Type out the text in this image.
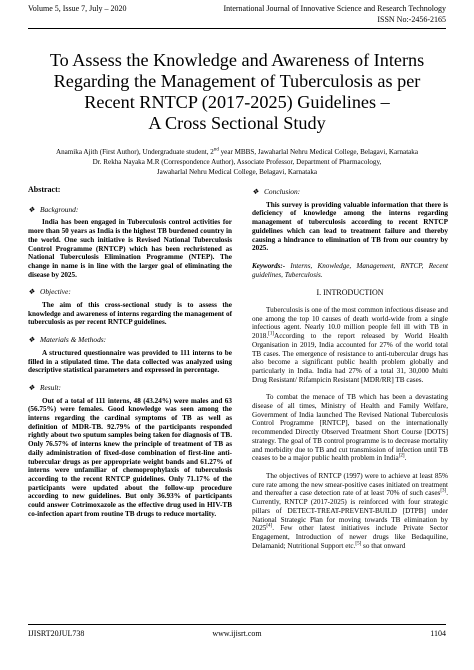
Volume 5, Issue 7, July – 2020	International Journal of Innovative Science and Research Technology
ISSN No:-2456-2165
To Assess the Knowledge and Awareness of Interns
Regarding the Management of Tuberculosis as per
Recent RNTCP (2017-2025) Guidelines –
A Cross Sectional Study
Anamika Ajith (First Author), Undergraduate student, 2nd year MBBS, Jawaharlal Nehru Medical College, Belagavi, Karnataka
Dr. Rekha Nayaka M.R (Correspondence Author), Associate Professor, Department of Pharmacology,
Jawaharlal Nehru Medical College, Belagavi, Karnataka
Abstract:
❖ Background:

India has been engaged in Tuberculosis control activities for more than 50 years as India is the highest TB burdened country in the world. One such initiative is Revised National Tuberculosis Control Programme (RNTCP) which has been rechristened as National Tuberculosis Elimination Programme (NTEP). The change in name is in line with the larger goal of eliminating the disease by 2025.

❖ Objective:

The aim of this cross-sectional study is to assess the knowledge and awareness of interns regarding the management of tuberculosis as per recent RNTCP guidelines.

❖ Materials & Methods:

A structured questionnaire was provided to 111 interns to be filled in a stipulated time. The data collected was analyzed using descriptive statistical parameters and expressed in percentage.

❖ Result:

Out of a total of 111 interns, 48 (43.24%) were males and 63 (56.75%) were females. Good knowledge was seen among the interns regarding the cardinal symptoms of TB as well as definition of MDR-TB. 92.79% of the participants responded rightly about two sputum samples being taken for diagnosis of TB. Only 76.57% of interns knew the principle of treatment of TB as daily administration of fixed-dose combination of first-line anti-tubercular drugs as per appropriate weight bands and 61.27% of interns were unfamiliar of chemoprophylaxis of tuberculosis according to the recent RNTCP guidelines. Only 71.17% of the participants were updated about the follow-up procedure according to new guidelines. But only 36.93% of participants could answer Cotrimoxazole as the effective drug used in HIV-TB co-infection apart from routine TB drugs to reduce mortality.

❖ Conclusion:

This survey is providing valuable information that there is deficiency of knowledge among the interns regarding management of tuberculosis according to recent RNTCP guidelines which can lead to treatment failure and thereby causing a hindrance to elimination of TB from our country by 2025.

Keywords:- Interns, Knowledge, Management, RNTCP, Recent guidelines, Tuberculosis.

I. INTRODUCTION

Tuberculosis is one of the most common infectious disease and one among the top 10 causes of death world-wide from a single infectious agent. Nearly 10.0 million people fell ill with TB in 2018.[1]According to the report released by World Health Organisation in 2019, India accounted for 27% of the world total TB cases. The emergence of resistance to anti-tubercular drugs has also become a significant public health problem globally and particularly in India. India had 27% of a total 31, 30,000 Multi Drug Resistant/ Rifampicin Resistant [MDR/RR] TB cases.

To combat the menace of TB which has been a devastating disease of all times, Ministry of Health and Family Welfare, Government of India launched The Revised National Tuberculosis Control Programme [RNTCP], based on the internationally recommended Directly Observed Treatment Short Course [DOTS] strategy. The goal of TB control programme is to decrease mortality and morbidity due to TB and cut transmission of infection until TB ceases to be a major public health problem in India[2].

The objectives of RNTCP (1997) were to achieve at least 85% cure rate among the new smear-positive cases initiated on treatment and thereafter a case detection rate of at least 70% of such cases[3]. Currently, RNTCP (2017-2025) is reinforced with four strategic pillars of DETECT-TREAT-PREVENT-BUILD [DTPB] under National Strategic Plan for moving towards TB elimination by 2025[4]. Few other latest initiatives include Private Sector Engagement, Introduction of newer drugs like Bedaquiline, Delamanid; Nutritional Support etc.[5] so that onward

IJISRT20JUL738	www.ijisrt.com	1104
